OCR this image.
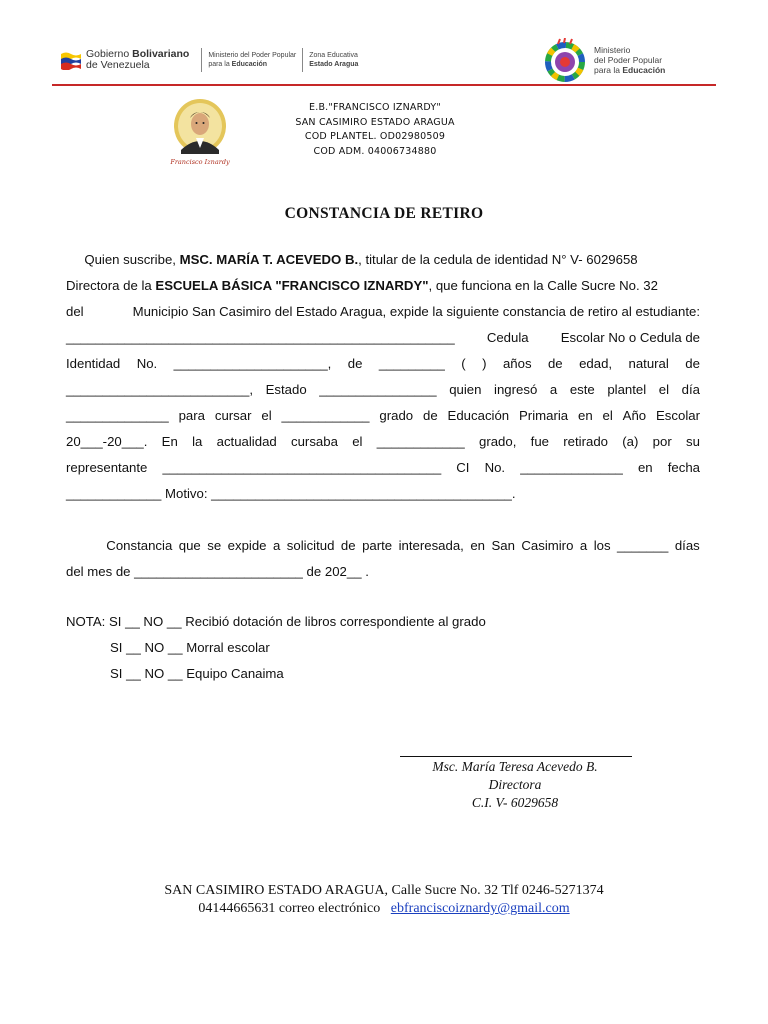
Gobierno Bolivariano
de Venezuela
Ministerio del Poder Popular
para la Educación
Zona Educativa
Estado Aragua
Ministerio
del Poder Popular
para la Educación
Francisco Iznardy
E.B."FRANCISCO IZNARDY"
SAN CASIMIRO ESTADO ARAGUA
COD PLANTEL. OD02980509
COD ADM. 04006734880
CONSTANCIA DE RETIRO
Quien suscribe, MSC. MARÍA T. ACEVEDO B. , titular de la cedula de identidad N° V- 6029658
Directora de la ESCUELA BÁSICA "FRANCISCO IZNARDY" , que funciona en la Calle Sucre No. 32
del	Municipio San Casimiro del Estado Aragua, expide la siguiente constancia de retiro al estudiante:
_____________________________________________________ Cedula Escolar No o Cedula de
Identidad No. _____________________, de _________ ( ) años de edad, natural de
_________________________, Estado ________________ quien ingresó a este plantel el día
______________ para cursar el ____________ grado de Educación Primaria en el Año Escolar
20___-20___. En la actualidad cursaba el ____________ grado, fue retirado (a) por su
representante ______________________________________ CI No. ______________ en fecha
_____________ Motivo: _________________________________________.
Constancia que se expide a solicitud de parte interesada, en San Casimiro a los _______ días
del mes de _______________________ de 202__ .
NOTA: SI __ NO __ Recibió dotación de libros correspondiente al grado
SI __ NO __ Morral escolar
SI __ NO __ Equipo Canaima
Msc. María Teresa Acevedo B.
Directora
C.I. V- 6029658
SAN CASIMIRO ESTADO ARAGUA, Calle Sucre No. 32 Tlf 0246-5271374
04144665631 correo electrónico   ebfranciscoiznardy@gmail.com
